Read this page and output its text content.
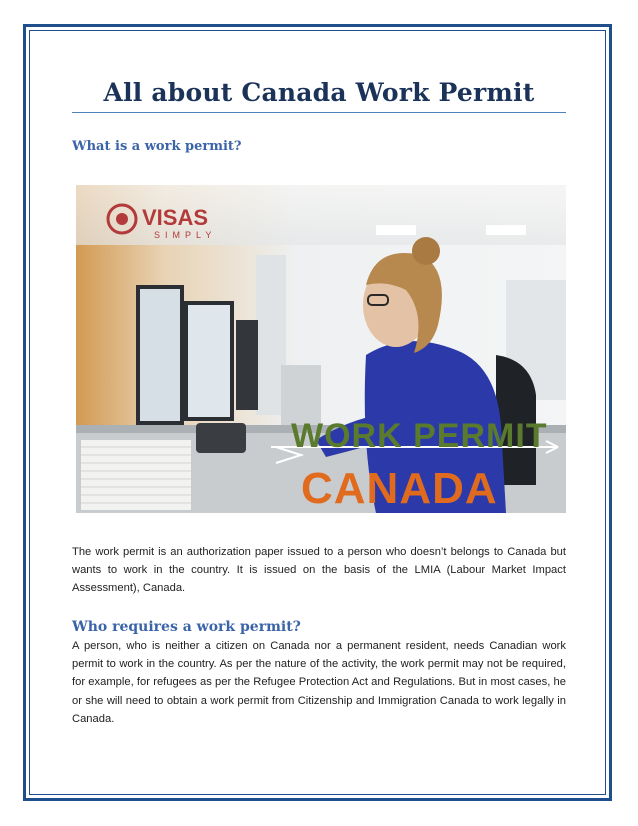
All about Canada Work Permit
What is a work permit?
VISAS
SIMPLY
WORK PERMIT
CANADA
The work permit is an authorization paper issued to a person who doesn’t belongs to Canada but wants to work in the country. It is issued on the basis of the LMIA (Labour Market Impact Assessment), Canada.
Who requires a work permit?
A person, who is neither a citizen on Canada nor a permanent resident, needs Canadian work permit to work in the country. As per the nature of the activity, the work permit may not be required, for example, for refugees as per the Refugee Protection Act and Regulations. But in most cases, he or she will need to obtain a work permit from Citizenship and Immigration Canada to work legally in Canada.
